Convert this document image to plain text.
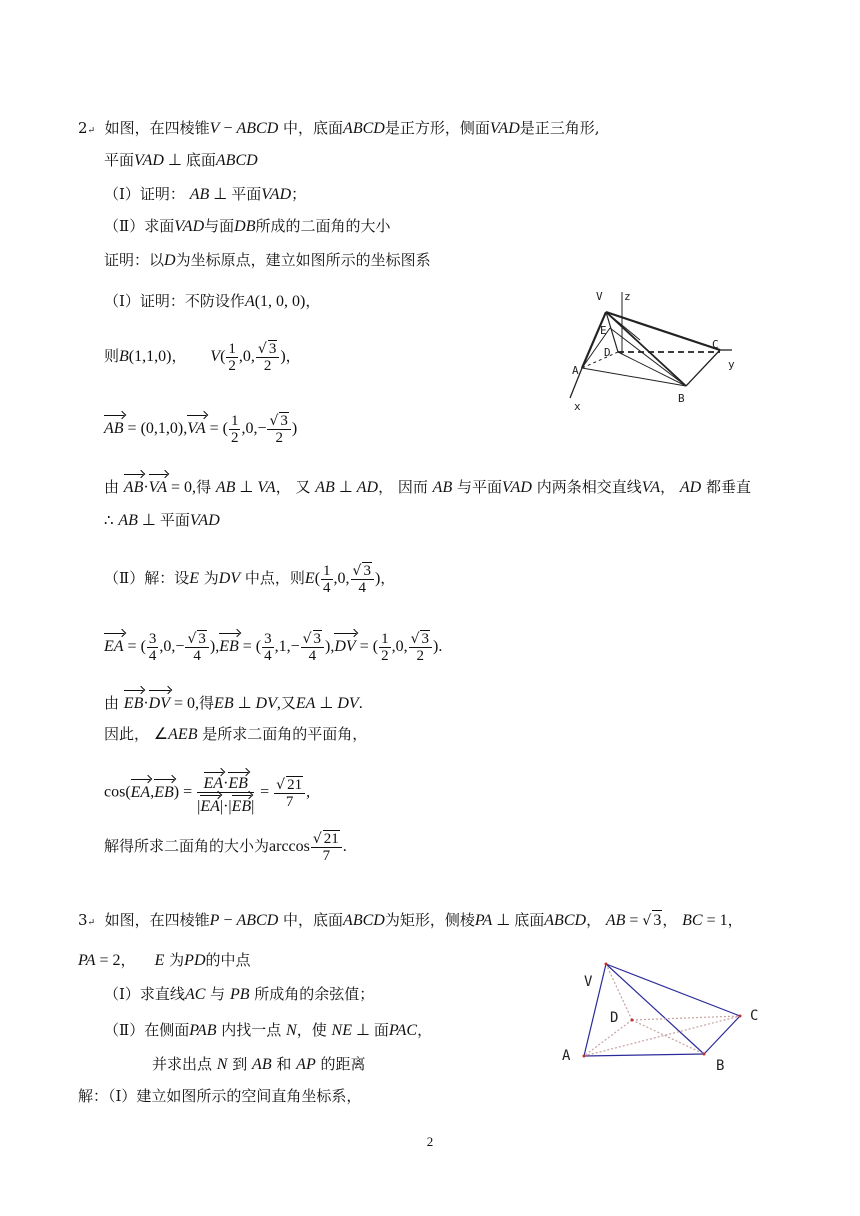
2↵ 如图，在四棱锥V − ABCD 中，底面ABCD是正方形，侧面VAD是正三角形,
平面VAD ⊥ 底面ABCD
（Ⅰ）证明： AB ⊥ 平面VAD；
（Ⅱ）求面VAD与面DB所成的二面角的大小
证明：以D为坐标原点，建立如图所示的坐标图系
（Ⅰ）证明：不防设作A(1, 0, 0)，
则B(1,1,0)，     $V( \frac{1}{2} ,0$, $\frac{√ 3}{2}$ )，
AB = (0,1,0),VA = ( $\frac{1}{2} ,0,- \frac{√ 3}{2}$ )
由 AB·VA = 0,得 AB ⊥ VA， 又 AB ⊥ AD， 因而 AB 与平面VAD 内两条相交直线VA， AD 都垂直
∴ AB ⊥ 平面VAD
（Ⅱ）解：设E 为DV 中点，则$E( \frac{1}{4} ,0$, $\frac{√ 3}{4}$ )，
EA = ( $\frac{3}{4} ,0,- \frac{√ 3}{4} ),EB$ = ( $\frac{3}{4} ,1,- \frac{√ 3}{4} ),DV$ = ( $\frac{1}{2} ,0$, $\frac{√ 3}{2}$ ).
由 EB·DV = 0,得EB ⊥ DV,又EA ⊥ DV.
因此， ∠AEB 是所求二面角的平面角，
$\cos(EA,EB) = \frac{EA\cdot EB}{|EA|\cdot|EB|} = \frac{√ 21}{7}$ ,
解得所求二面角的大小为$\arccos \frac{√ 21}{7}$ .
V z
E
D
C
y
A
x
B
3↵ 如图，在四棱锥P − ABCD 中，底面ABCD为矩形，侧棱PA ⊥ 底面ABCD， AB = √ 3， BC = 1，
PA = 2，    E 为PD的中点
（Ⅰ）求直线AC 与 PB 所成角的余弦值；
（Ⅱ）在侧面PAB 内找一点 N，使 NE ⊥ 面PAC，
并求出点 N 到 AB 和 AP 的距离
解：（Ⅰ）建立如图所示的空间直角坐标系，
V
D	C
A
B
2
